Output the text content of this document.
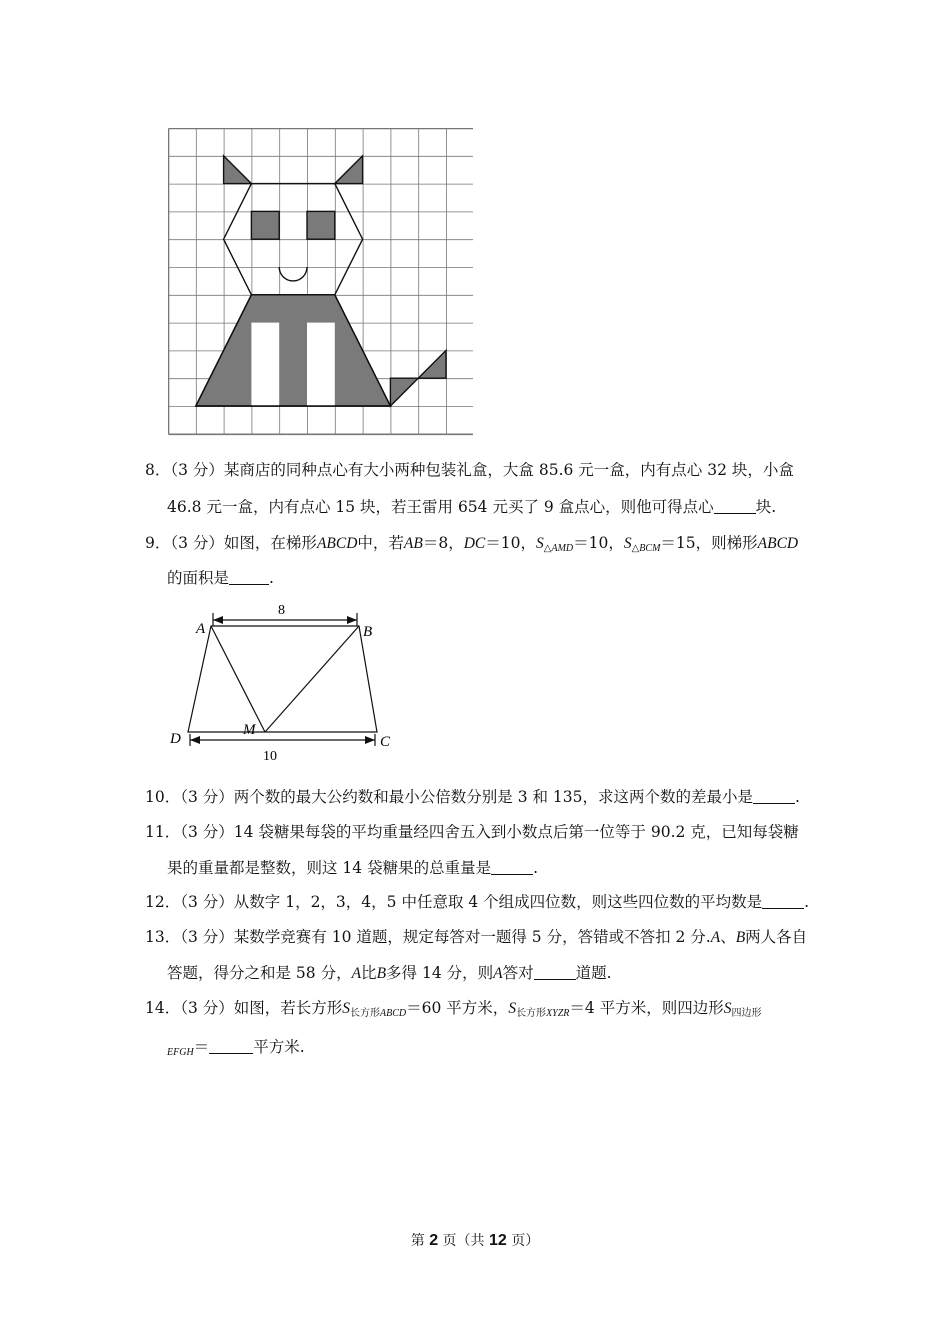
8．（3 分）某商店的同种点心有大小两种包装礼盒，大盒 85.6 元一盒，内有点心 32 块，小盒
46.8 元一盒，内有点心 15 块，若王雷用 654 元买了 9 盒点心，则他可得点心	块.
9．（3 分）如图，在梯形ABCD中，若AB＝8，DC＝10，$S_{\triangle AMD}=10$，$S_{\triangle BCM}=15$，则梯形ABCD
的面积是	.
8
10
A	B
D	C
M
10．（3 分）两个数的最大公约数和最小公倍数分别是 3 和 135，求这两个数的差最小是	.
11．（3 分）14 袋糖果每袋的平均重量经四舍五入到小数点后第一位等于 90.2 克，已知每袋糖
果的重量都是整数，则这 14 袋糖果的总重量是	.
12．（3 分）从数字 1，2，3，4，5 中任意取 4 个组成四位数，则这些四位数的平均数是	.
13．（3 分）某数学竞赛有 10 道题，规定每答对一题得 5 分，答错或不答扣 2 分.A、B两人各自
答题，得分之和是 58 分，A比B多得 14 分，则A答对	道题.
14．（3 分）如图，若长方形$S_{长方形ABCD}=60$ 平方米，$S_{长方形XYZR}=4$ 平方米，则四边形$S_{四边形}$
$_{EFGH}$＝	平方米.
第 2 页（共 12 页）
